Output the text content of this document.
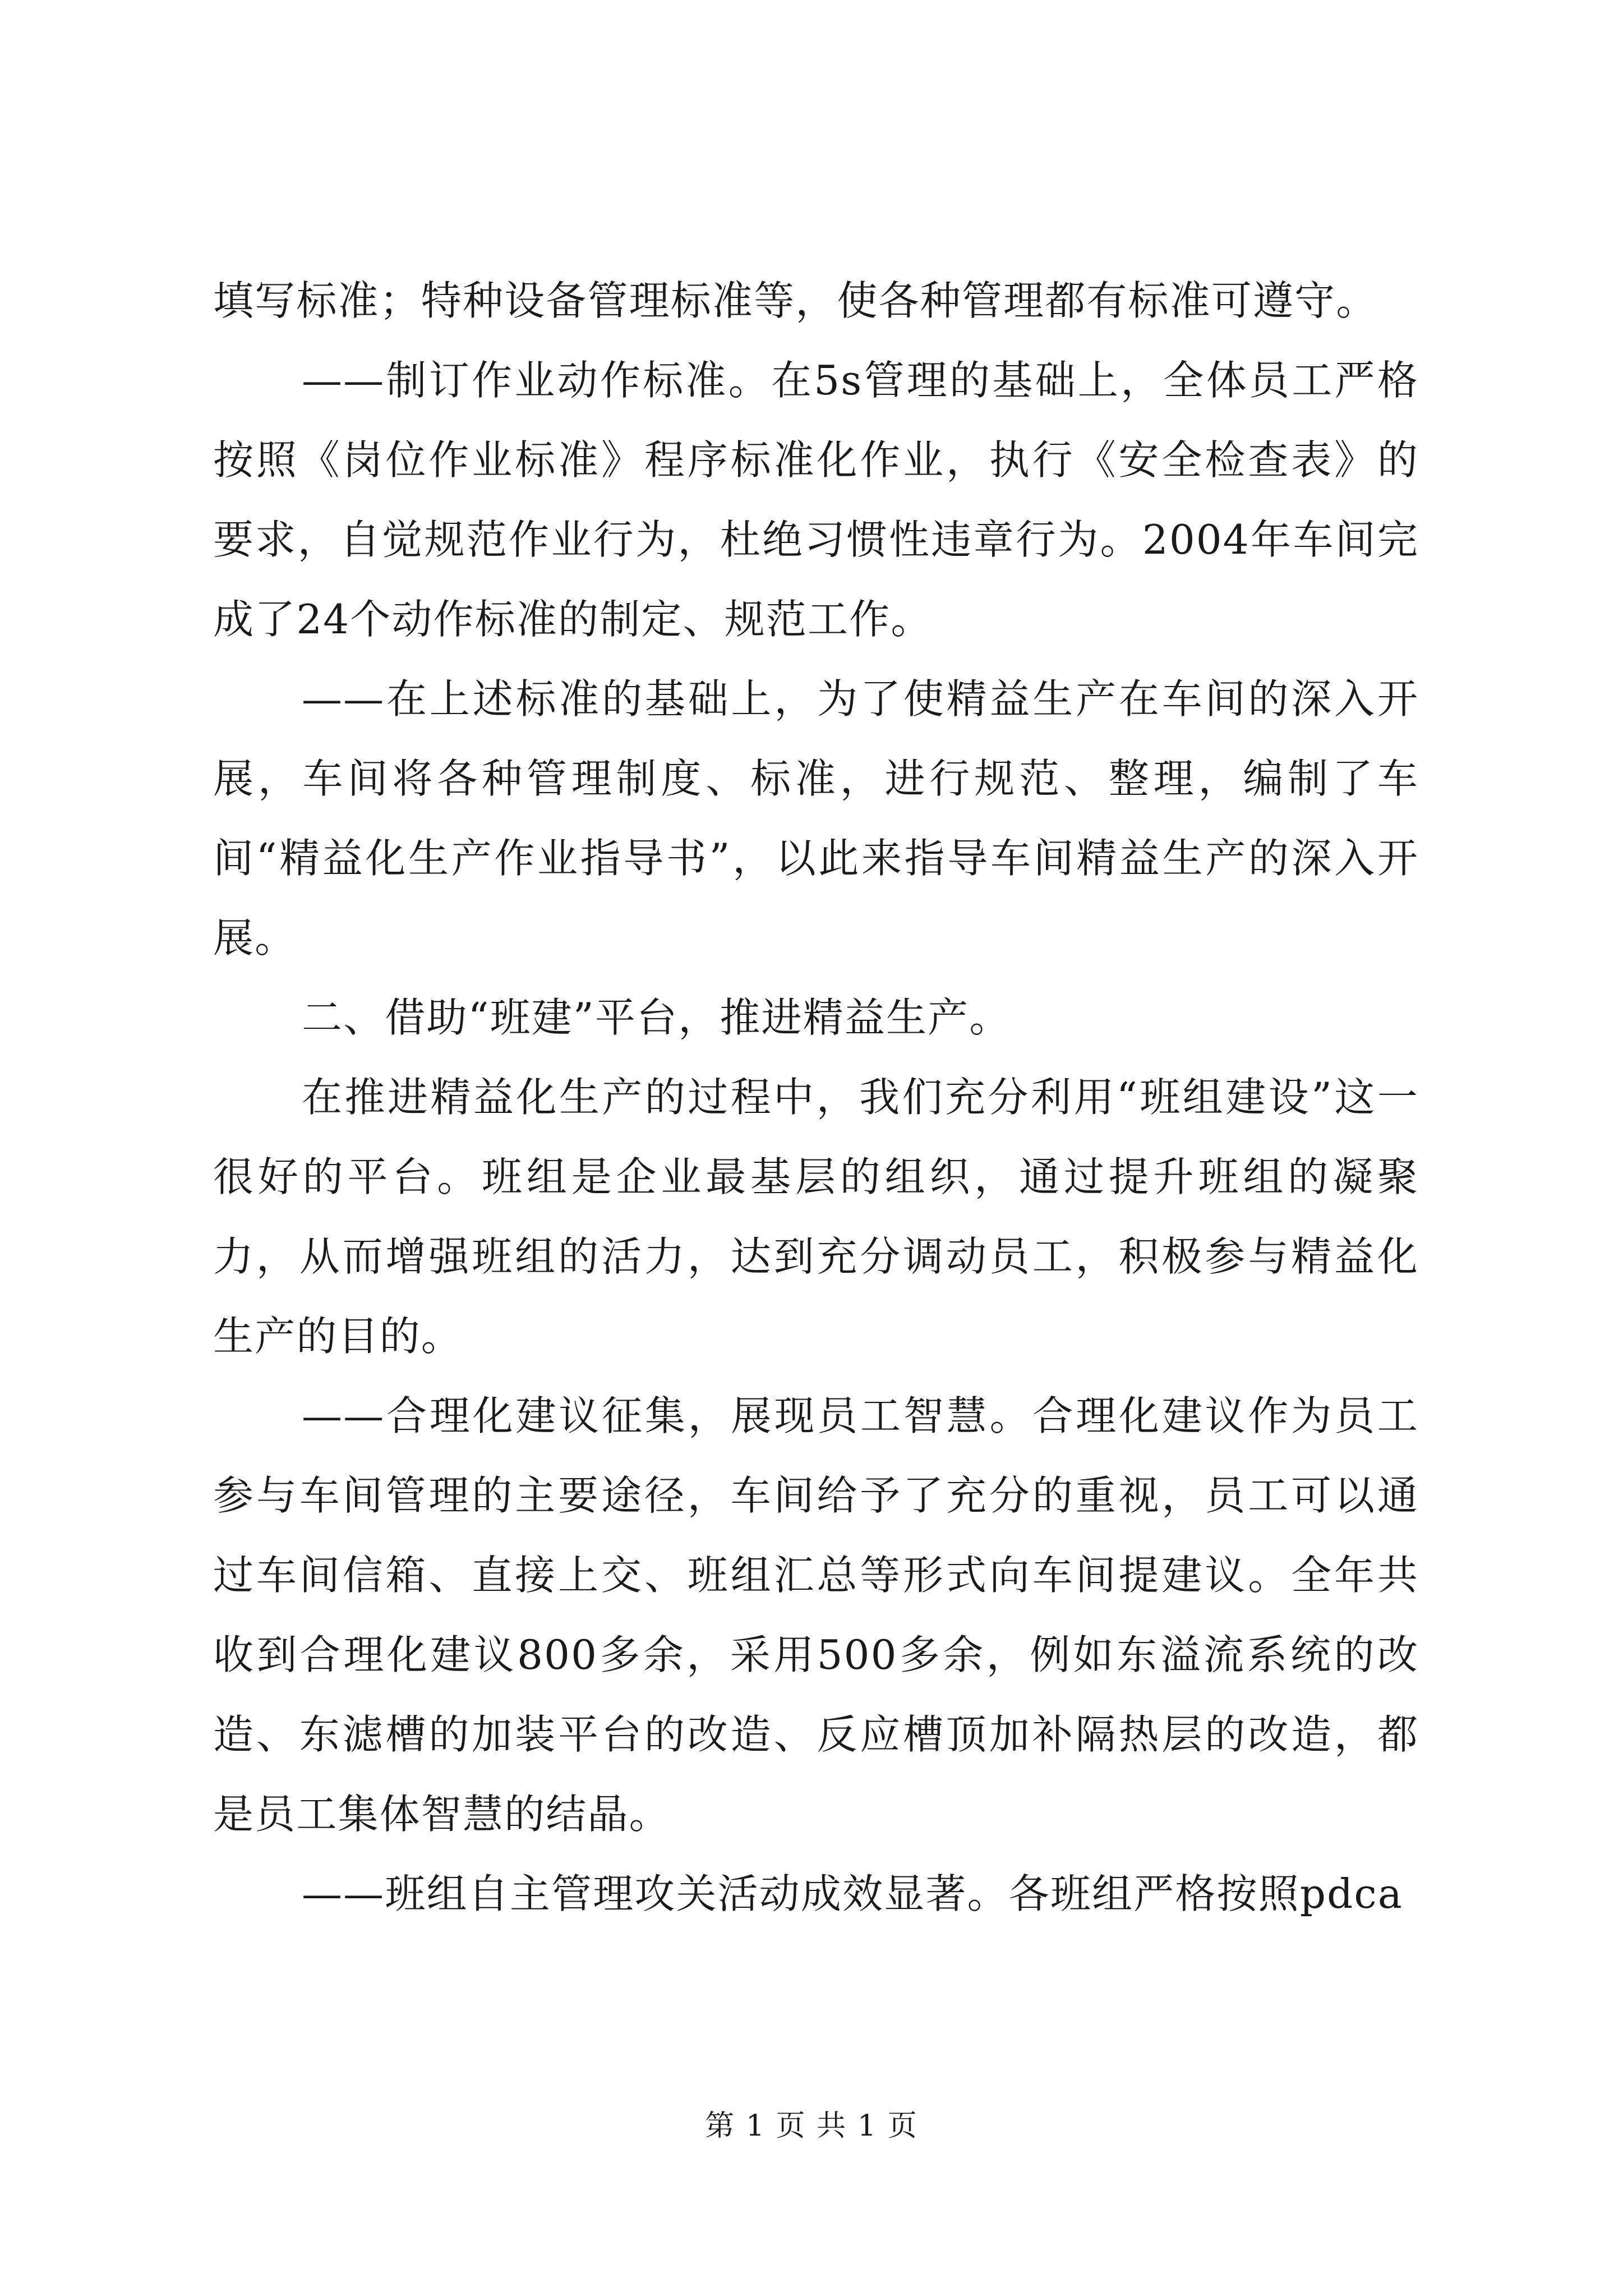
填写标准；特种设备管理标准等，使各种管理都有标准可遵守。

——制订作业动作标准。在5s管理的基础上，全体员工严格按照《岗位作业标准》程序标准化作业，执行《安全检查表》的要求，自觉规范作业行为，杜绝习惯性违章行为。2004年车间完成了24个动作标准的制定、规范工作。

——在上述标准的基础上，为了使精益生产在车间的深入开展，车间将各种管理制度、标准，进行规范、整理，编制了车间“精益化生产作业指导书”，以此来指导车间精益生产的深入开展。

二、借助“班建”平台，推进精益生产。

在推进精益化生产的过程中，我们充分利用“班组建设”这一很好的平台。班组是企业最基层的组织，通过提升班组的凝聚力，从而增强班组的活力，达到充分调动员工，积极参与精益化生产的目的。

——合理化建议征集，展现员工智慧。合理化建议作为员工参与车间管理的主要途径，车间给予了充分的重视，员工可以通过车间信箱、直接上交、班组汇总等形式向车间提建议。全年共收到合理化建议800多余，采用500多余，例如东溢流系统的改造、东滤槽的加装平台的改造、反应槽顶加补隔热层的改造，都是员工集体智慧的结晶。

——班组自主管理攻关活动成效显著。各班组严格按照pdca

第 1 页 共 1 页
